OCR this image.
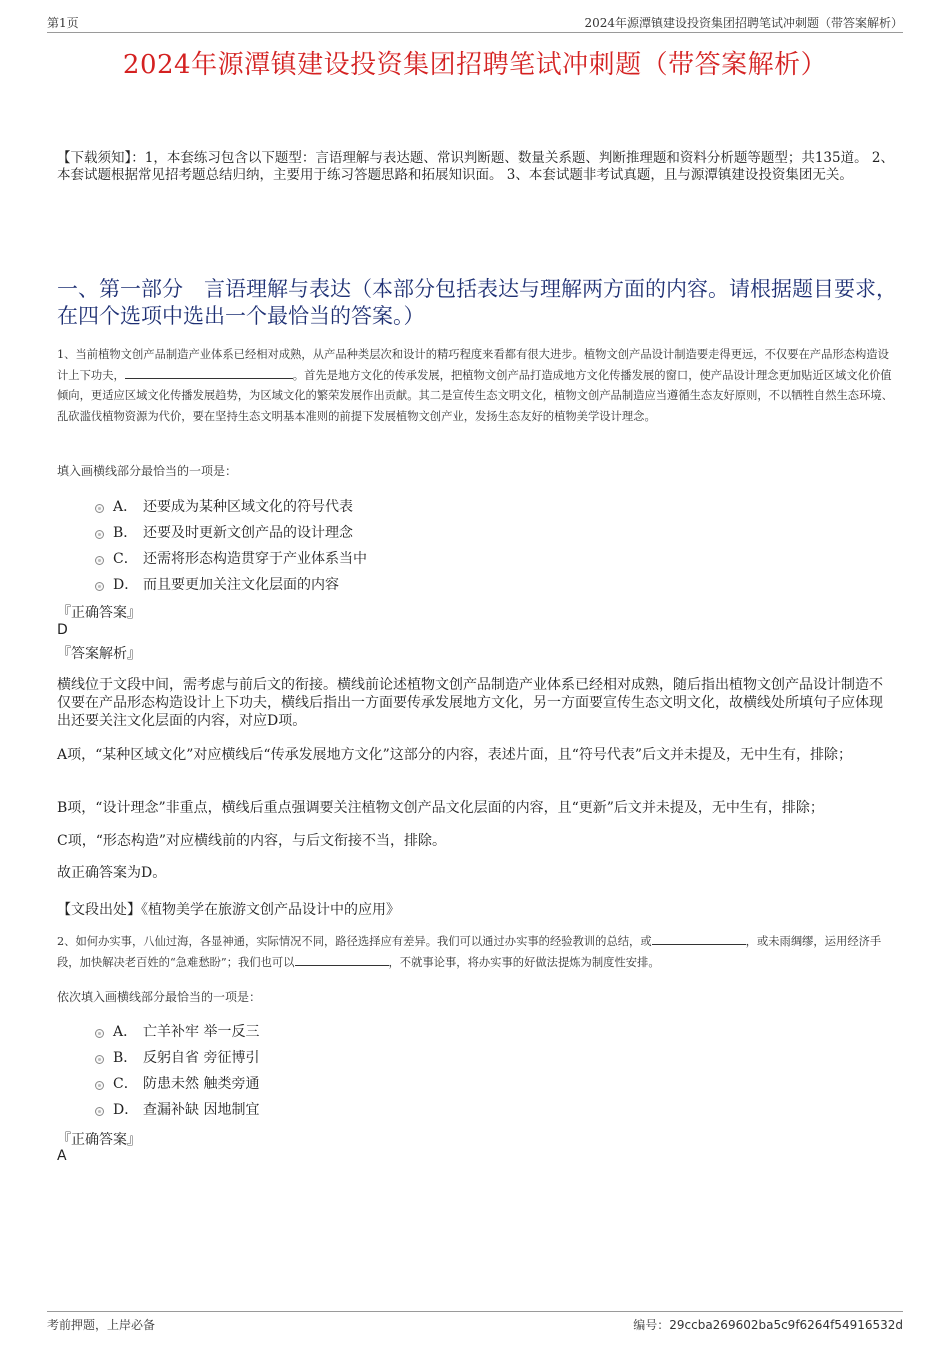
第1页	2024年源潭镇建设投资集团招聘笔试冲刺题（带答案解析）
2024年源潭镇建设投资集团招聘笔试冲刺题（带答案解析）
【下载须知】：1，本套练习包含以下题型：言语理解与表达题、常识判断题、数量关系题、判断推理题和资料分析题等题型；共135道。 2、本套试题根据常见招考题总结归纳，主要用于练习答题思路和拓展知识面。 3、本套试题非考试真题，且与源潭镇建设投资集团无关。
一、第一部分　言语理解与表达（本部分包括表达与理解两方面的内容。请根据题目要求，在四个选项中选出一个最恰当的答案。）
1、当前植物文创产品制造产业体系已经相对成熟，从产品种类层次和设计的精巧程度来看都有很大进步。植物文创产品设计制造要走得更远，不仅要在产品形态构造设计上下功夫，	。首先是地方文化的传承发展，把植物文创产品打造成地方文化传播发展的窗口，使产品设计理念更加贴近区域文化价值倾向，更适应区域文化传播发展趋势，为区域文化的繁荣发展作出贡献。其二是宣传生态文明文化，植物文创产品制造应当遵循生态友好原则，不以牺牲自然生态环境、乱砍滥伐植物资源为代价，要在坚持生态文明基本准则的前提下发展植物文创产业，发扬生态友好的植物美学设计理念。
填入画横线部分最恰当的一项是：
A． 还要成为某种区域文化的符号代表
B． 还要及时更新文创产品的设计理念
C． 还需将形态构造贯穿于产业体系当中
D． 而且要更加关注文化层面的内容
『正确答案』
D
『答案解析』
横线位于文段中间，需考虑与前后文的衔接。横线前论述植物文创产品制造产业体系已经相对成熟，随后指出植物文创产品设计制造不仅要在产品形态构造设计上下功夫，横线后指出一方面要传承发展地方文化，另一方面要宣传生态文明文化，故横线处所填句子应体现出还要关注文化层面的内容，对应D项。
A项，“某种区域文化”对应横线后“传承发展地方文化”这部分的内容，表述片面，且“符号代表”后文并未提及，无中生有，排除；
B项，“设计理念”非重点，横线后重点强调要关注植物文创产品文化层面的内容，且“更新”后文并未提及，无中生有，排除；
C项，“形态构造”对应横线前的内容，与后文衔接不当，排除。
故正确答案为D。
【文段出处】《植物美学在旅游文创产品设计中的应用》
2、如何办实事，八仙过海，各显神通，实际情况不同，路径选择应有差异。我们可以通过办实事的经验教训的总结，或	，或未雨绸缪，运用经济手段，加快解决老百姓的“急难愁盼”；我们也可以	，不就事论事，将办实事的好做法提炼为制度性安排。
依次填入画横线部分最恰当的一项是：
A． 亡羊补牢 举一反三
B． 反躬自省 旁征博引
C． 防患未然 触类旁通
D． 查漏补缺 因地制宜
『正确答案』
A
考前押题，上岸必备	编号：29ccba269602ba5c9f6264f54916532d
